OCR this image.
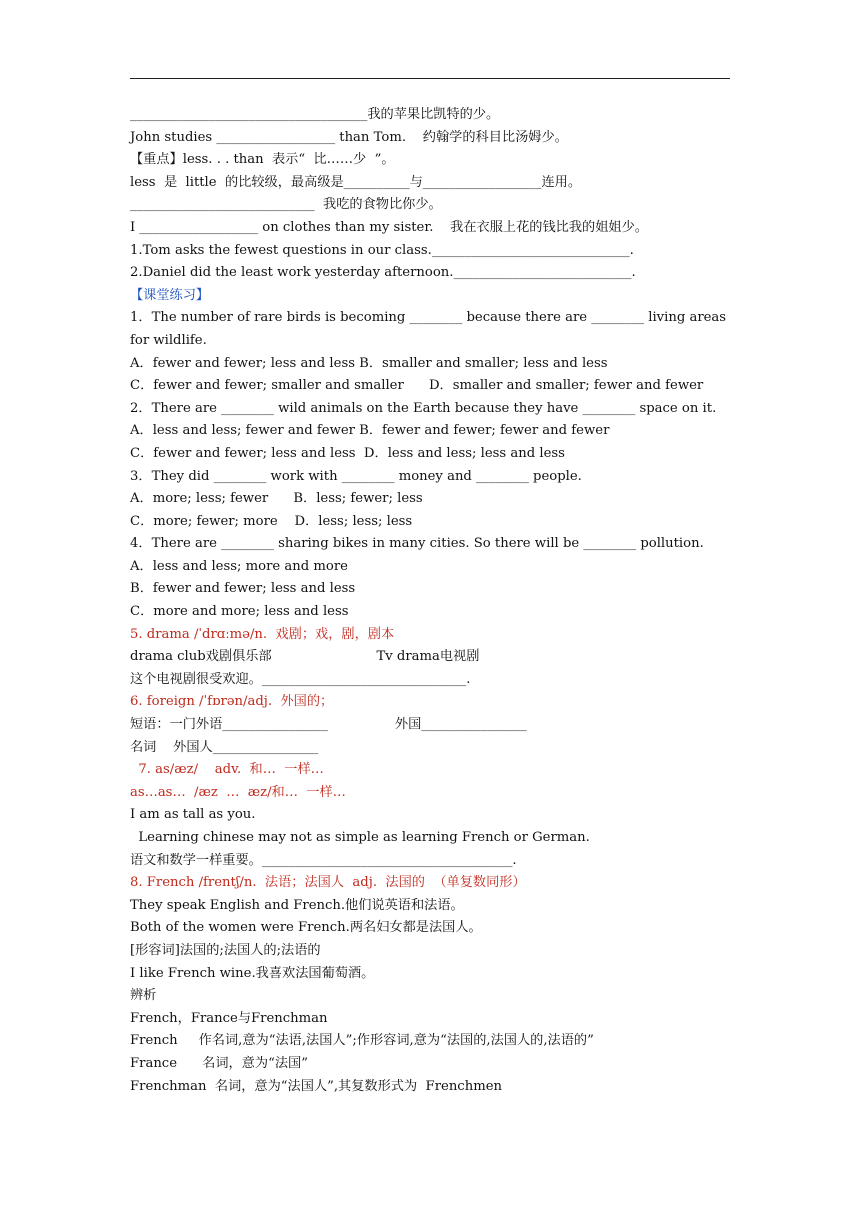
____________________________________我的苹果比凯特的少。
John studies __________________ than Tom.    约翰学的科目比汤姆少。
【重点】less. . . than  表示“  比……少  ”。
less  是  little  的比较级，最高级是__________与__________________连用。
____________________________  我吃的食物比你少。
I __________________ on clothes than my sister.    我在衣服上花的钱比我的姐姐少。
1.Tom asks the fewest questions in our class.______________________________.
2.Daniel did the least work yesterday afternoon.___________________________.
【课堂练习】
1．The number of rare birds is becoming ________ because there are ________ living areas for wildlife.
A．fewer and fewer; less and less B．smaller and smaller; less and less
C．fewer and fewer; smaller and smaller      D．smaller and smaller; fewer and fewer
2．There are ________ wild animals on the Earth because they have ________ space on it.
A．less and less; fewer and fewer B．fewer and fewer; fewer and fewer
C．fewer and fewer; less and less  D．less and less; less and less
3．They did ________ work with ________ money and ________ people.
A．more; less; fewer      B．less; fewer; less
C．more; fewer; more    D．less; less; less
4．There are ________ sharing bikes in many cities. So there will be ________ pollution.
A．less and less; more and more
B．fewer and fewer; less and less
C．more and more; less and less
5. drama /ˈdrɑːmə/n.  戏剧；戏，剧，剧本
drama club戏剧俱乐部                         Tv drama电视剧
这个电视剧很受欢迎。_______________________________.
6. foreign /ˈfɒrən/adj.  外国的；
短语：一门外语________________                外国________________
名词    外国人________________
7. as/æz/    adv.  和…  一样…
as…as…  /æz  …  æz/和…  一样…
I am as tall as you.
Learning chinese may not as simple as learning French or German.
语文和数学一样重要。______________________________________.
8. French /frentʃ/n.  法语；法国人  adj.  法国的  （单复数同形）
They speak English and French.他们说英语和法语。
Both of the women were French.两名妇女都是法国人。
[形容词]法国的;法国人的;法语的
I like French wine.我喜欢法国葡萄酒。
辨析
French，France与Frenchman
French     作名词,意为“法语,法国人”;作形容词,意为“法国的,法国人的,法语的”
France      名词，意为“法国”
Frenchman  名词，意为“法国人”,其复数形式为  Frenchmen
